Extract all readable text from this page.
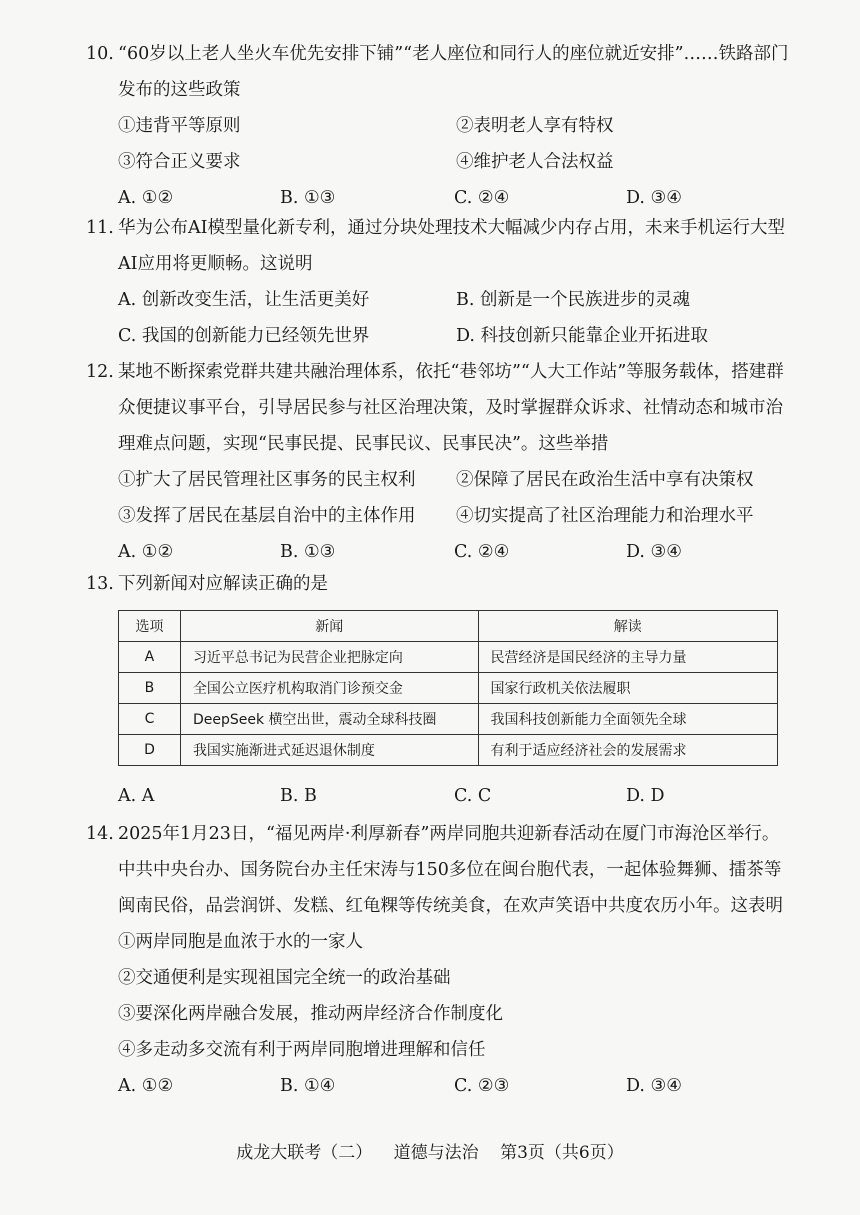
10. “60岁以上老人坐火车优先安排下铺”“老人座位和同行人的座位就近安排”……铁路部门发布的这些政策
①违背平等原则	②表明老人享有特权
③符合正义要求	④维护老人合法权益
A. ①②	B. ①③	C. ②④	D. ③④
11. 华为公布AI模型量化新专利，通过分块处理技术大幅减少内存占用，未来手机运行大型AI应用将更顺畅。这说明
A. 创新改变生活，让生活更美好	B. 创新是一个民族进步的灵魂
C. 我国的创新能力已经领先世界	D. 科技创新只能靠企业开拓进取
12. 某地不断探索党群共建共融治理体系，依托“巷邻坊”“人大工作站”等服务载体，搭建群众便捷议事平台，引导居民参与社区治理决策，及时掌握群众诉求、社情动态和城市治理难点问题，实现“民事民提、民事民议、民事民决”。这些举措
①扩大了居民管理社区事务的民主权利 ②保障了居民在政治生活中享有决策权
③发挥了居民在基层自治中的主体作用 ④切实提高了社区治理能力和治理水平
A. ①②	B. ①③	C. ②④	D. ③④
13. 下列新闻对应解读正确的是
选项	新闻	解读
A	习近平总书记为民营企业把脉定向	民营经济是国民经济的主导力量
B	全国公立医疗机构取消门诊预交金	国家行政机关依法履职
C	DeepSeek 横空出世，震动全球科技圈	我国科技创新能力全面领先全球
D	我国实施渐进式延迟退休制度	有利于适应经济社会的发展需求
A. A	B. B	C. C	D. D
14. 2025年1月23日，“福见两岸·利厚新春”两岸同胞共迎新春活动在厦门市海沧区举行。中共中央台办、国务院台办主任宋涛与150多位在闽台胞代表，一起体验舞狮、擂茶等闽南民俗，品尝润饼、发糕、红龟粿等传统美食，在欢声笑语中共度农历小年。这表明
①两岸同胞是血浓于水的一家人
②交通便利是实现祖国完全统一的政治基础
③要深化两岸融合发展，推动两岸经济合作制度化
④多走动多交流有利于两岸同胞增进理解和信任
A. ①②	B. ①④	C. ②③	D. ③④
成龙大联考（二） 道德与法治 第3页（共6页）
